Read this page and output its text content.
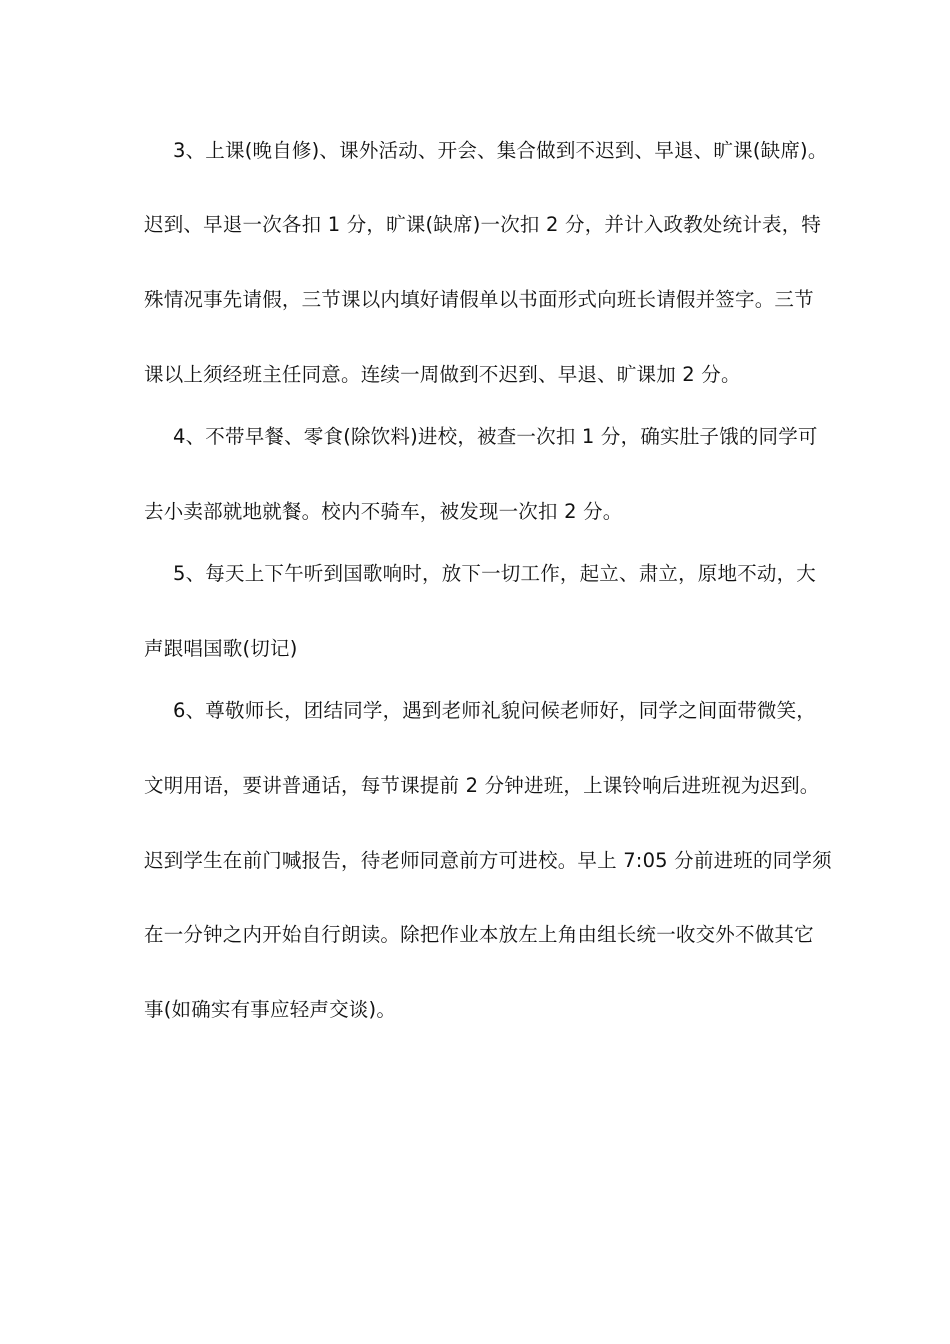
3、上课(晚自修)、课外活动、开会、集合做到不迟到、早退、旷课(缺席)。
迟到、早退一次各扣 1 分，旷课(缺席)一次扣 2 分，并计入政教处统计表，特
殊情况事先请假，三节课以内填好请假单以书面形式向班长请假并签字。三节
课以上须经班主任同意。连续一周做到不迟到、早退、旷课加 2 分。
4、不带早餐、零食(除饮料)进校，被查一次扣 1 分，确实肚子饿的同学可
去小卖部就地就餐。校内不骑车，被发现一次扣 2 分。
5、每天上下午听到国歌响时，放下一切工作，起立、肃立，原地不动，大
声跟唱国歌(切记)
6、尊敬师长，团结同学，遇到老师礼貌问候老师好，同学之间面带微笑，
文明用语，要讲普通话，每节课提前 2 分钟进班，上课铃响后进班视为迟到。
迟到学生在前门喊报告，待老师同意前方可进校。早上 7:05 分前进班的同学须
在一分钟之内开始自行朗读。除把作业本放左上角由组长统一收交外不做其它
事(如确实有事应轻声交谈)。
